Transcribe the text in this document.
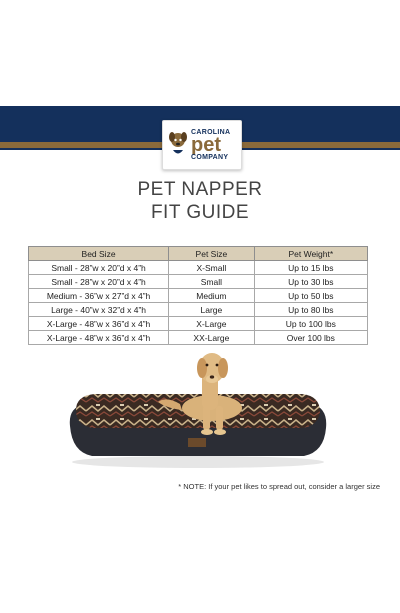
CAROLINA
pet
COMPANY
PET NAPPER
FIT GUIDE
Bed Size	Pet Size	Pet Weight*
Small - 28”w x 20”d x 4”h	X-Small	Up to 15 lbs
Small - 28”w x 20”d x 4”h	Small	Up to 30 lbs
Medium - 36”w x 27”d x 4”h	Medium	Up to 50 lbs
Large - 40”w x 32”d x 4”h	Large	Up to 80 lbs
X-Large - 48”w x 36”d x 4”h	X-Large	Up to 100 lbs
X-Large - 48”w x 36”d x 4”h	XX-Large	Over 100 lbs
* NOTE: If your pet likes to spread out, consider a larger size
